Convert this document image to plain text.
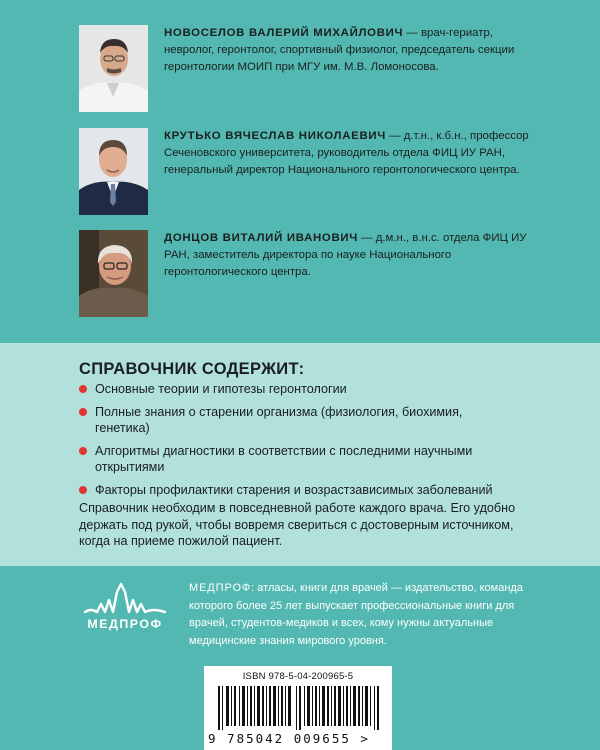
НОВОСЕЛОВ ВАЛЕРИЙ МИХАЙЛОВИЧ — врач-гериатр, невролог, геронтолог, спортивный физиолог, председатель секции геронтологии МОИП при МГУ им. М.В. Ломоносова.

КРУТЬКО ВЯЧЕСЛАВ НИКОЛАЕВИЧ — д.т.н., к.б.н., профессор Сеченовского университета, руководитель отдела ФИЦ ИУ РАН, генеральный директор Национального геронтологического центра.

ДОНЦОВ ВИТАЛИЙ ИВАНОВИЧ — д.м.н., в.н.с. отдела ФИЦ ИУ РАН, заместитель директора по науке Национального геронтологического центра.

СПРАВОЧНИК СОДЕРЖИТ:
Основные теории и гипотезы геронтологии
Полные знания о старении организма (физиология, биохимия, генетика)
Алгоритмы диагностики в соответствии с последними научными открытиями
Факторы профилактики старения и возрастзависимых заболеваний

Справочник необходим в повседневной работе каждого врача. Его удобно держать под рукой, чтобы вовремя свериться с достоверным источником, когда на приеме пожилой пациент.

МЕДПРОФ

МЕДПРОФ: атласы, книги для врачей — издательство, команда которого более 25 лет выпускает профессиональные книги для врачей, студентов-медиков и всех, кому нужны актуальные медицинские знания мирового уровня.

ISBN 978-5-04-200965-5

9 785042 009655 >
